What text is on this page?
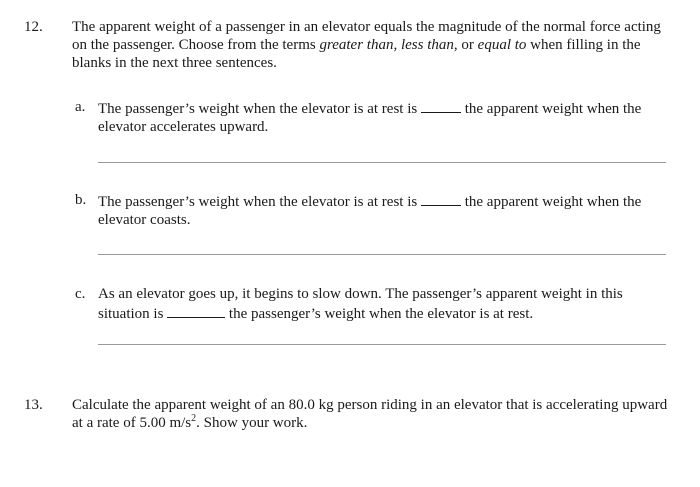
12. The apparent weight of a passenger in an elevator equals the magnitude of the normal force acting on the passenger. Choose from the terms greater than, less than, or equal to when filling in the blanks in the next three sentences.
a. The passenger’s weight when the elevator is at rest is	the apparent weight when the elevator accelerates upward.
b. The passenger’s weight when the elevator is at rest is	the apparent weight when the elevator coasts.
c. As an elevator goes up, it begins to slow down. The passenger’s apparent weight in this situation is	the passenger’s weight when the elevator is at rest.
13. Calculate the apparent weight of an 80.0 kg person riding in an elevator that is accelerating upward at a rate of 5.00 $m/s^2$. Show your work.
